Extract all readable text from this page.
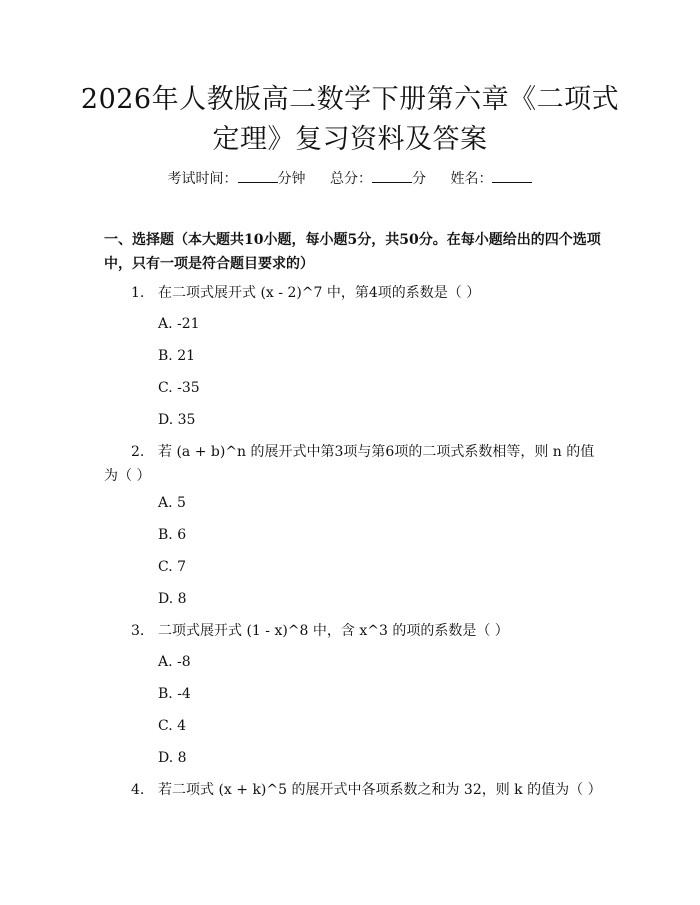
2026年人教版高二数学下册第六章《二项式
定理》复习资料及答案
考试时间：	分钟 总分：	分 姓名：
一、选择题（本大题共10小题，每小题5分，共50分。在每小题给出的四个选项中，只有一项是符合题目要求的）
1. 在二项式展开式 (x - 2)^7 中，第4项的系数是（ ）
A. -21
B. 21
C. -35
D. 35
2. 若 (a + b)^n 的展开式中第3项与第6项的二项式系数相等，则 n 的值为（ ）
A. 5
B. 6
C. 7
D. 8
3. 二项式展开式 (1 - x)^8 中，含 x^3 的项的系数是（ ）
A. -8
B. -4
C. 4
D. 8
4. 若二项式 (x + k)^5 的展开式中各项系数之和为 32，则 k 的值为（ ）
